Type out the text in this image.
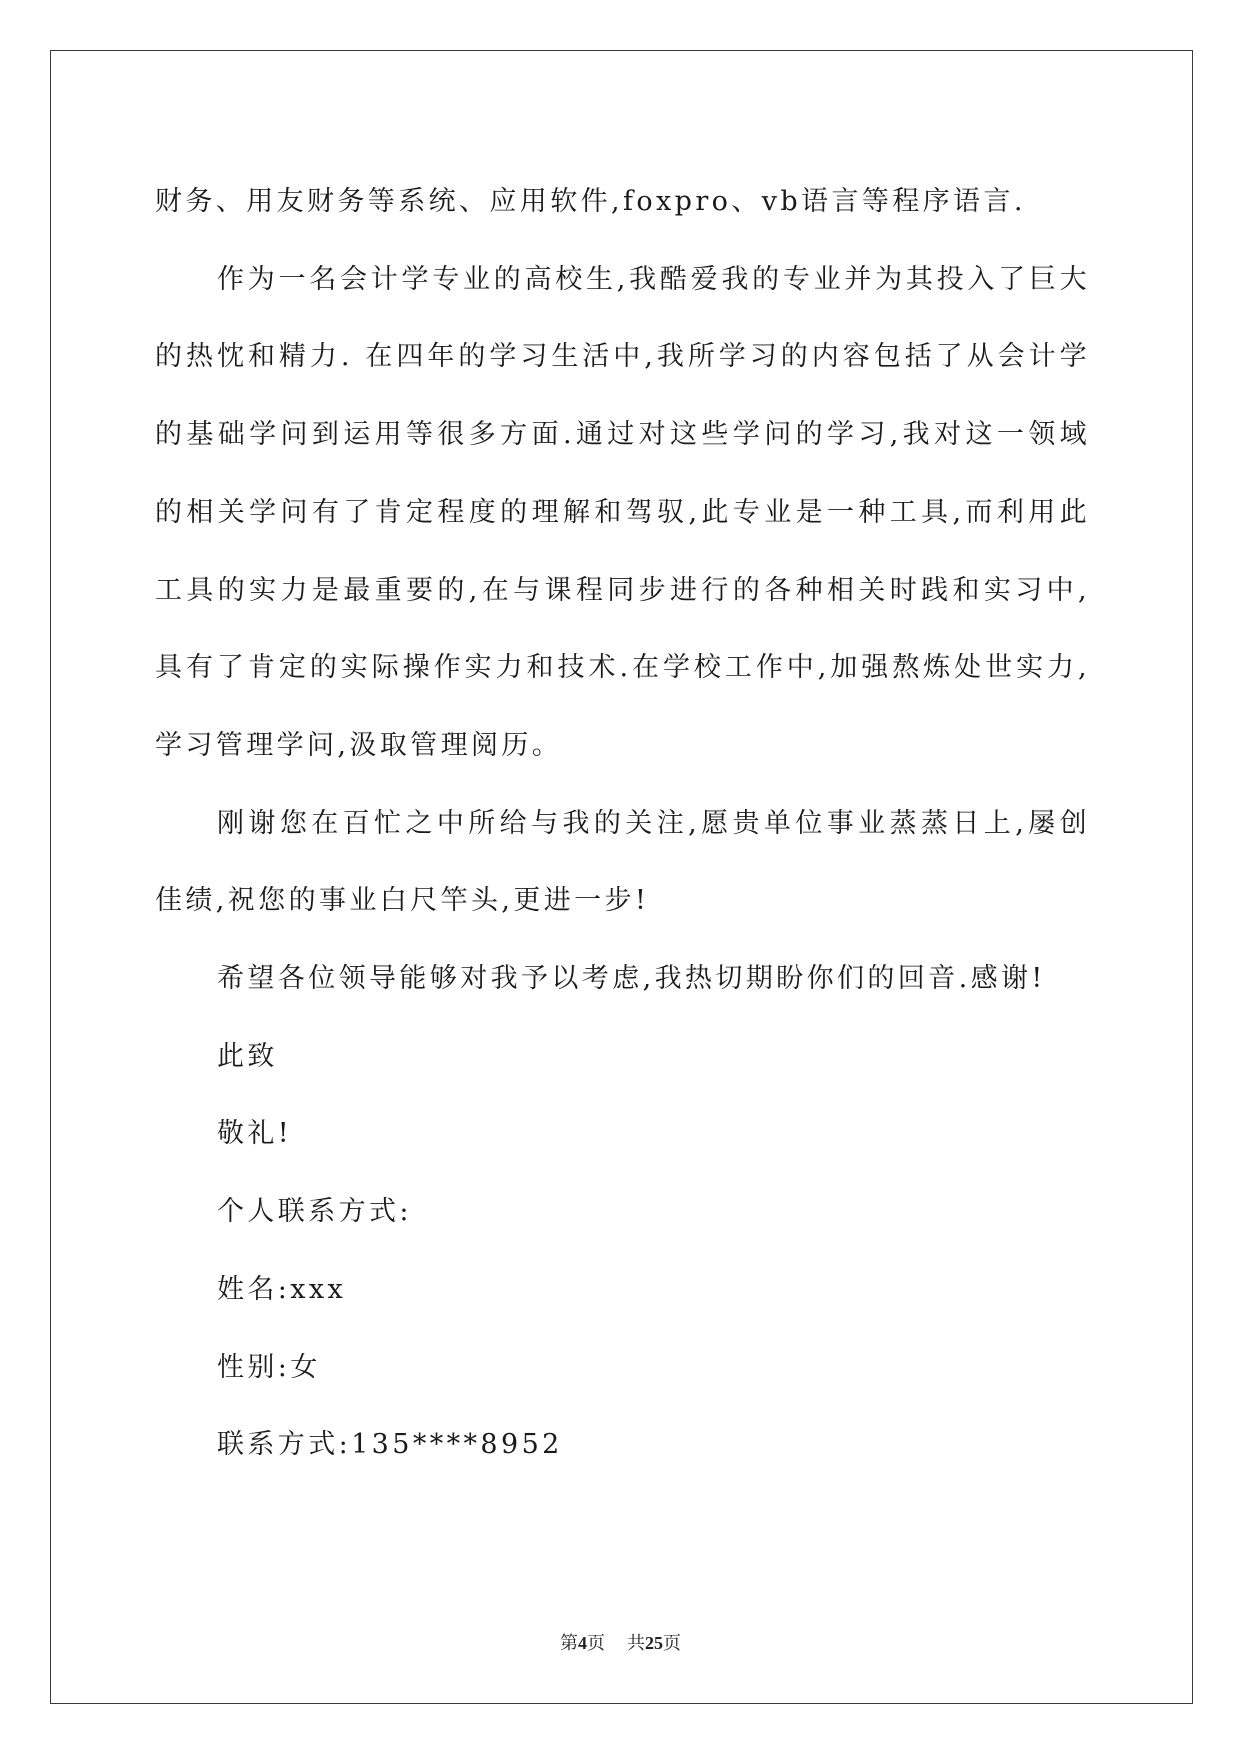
财务、用友财务等系统、应用软件,foxpro、vb语言等程序语言.

作为一名会计学专业的高校生,我酷爱我的专业并为其投入了巨大的热忱和精力. 在四年的学习生活中,我所学习的内容包括了从会计学的基础学问到运用等很多方面.通过对这些学问的学习,我对这一领域的相关学问有了肯定程度的理解和驾驭,此专业是一种工具,而利用此工具的实力是最重要的,在与课程同步进行的各种相关时践和实习中, 具有了肯定的实际操作实力和技术.在学校工作中,加强熬炼处世实力,学习管理学问,汲取管理阅历。

刚谢您在百忙之中所给与我的关注,愿贵单位事业蒸蒸日上,屡创佳绩,祝您的事业白尺竿头,更进一步!

希望各位领导能够对我予以考虑,我热切期盼你们的回音.感谢!

此致

敬礼!

个人联系方式:

姓名:xxx

性别:女

联系方式:135****8952

第4页 共25页
